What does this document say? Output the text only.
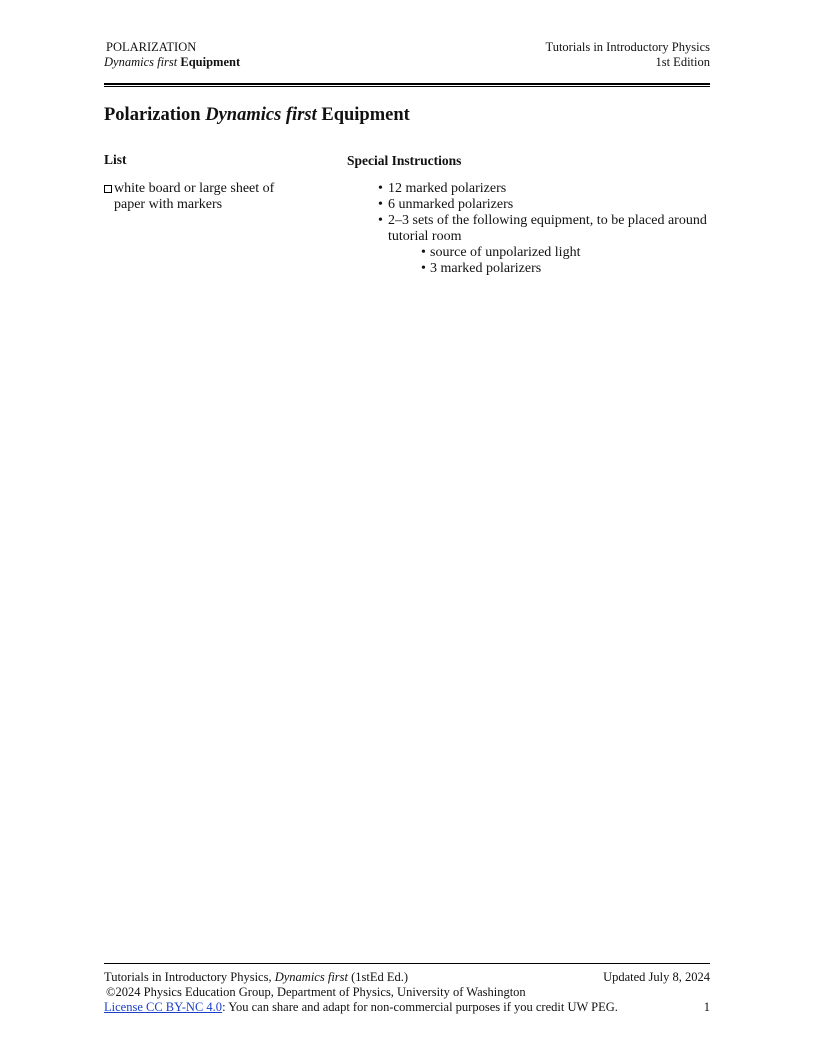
POLARIZATION
Dynamics first Equipment
Tutorials in Introductory Physics
1st Edition
Polarization Dynamics first Equipment
List
white board or large sheet of
paper with markers
Special Instructions
• 12 marked polarizers
• 6 unmarked polarizers
• 2–3 sets of the following equipment, to be placed around tutorial room
• source of unpolarized light
• 3 marked polarizers
Tutorials in Introductory Physics, Dynamics first (1stEd Ed.)	Updated July 8, 2024
©2024 Physics Education Group, Department of Physics, University of Washington
License CC BY-NC 4.0: You can share and adapt for non-commercial purposes if you credit UW PEG.	1
